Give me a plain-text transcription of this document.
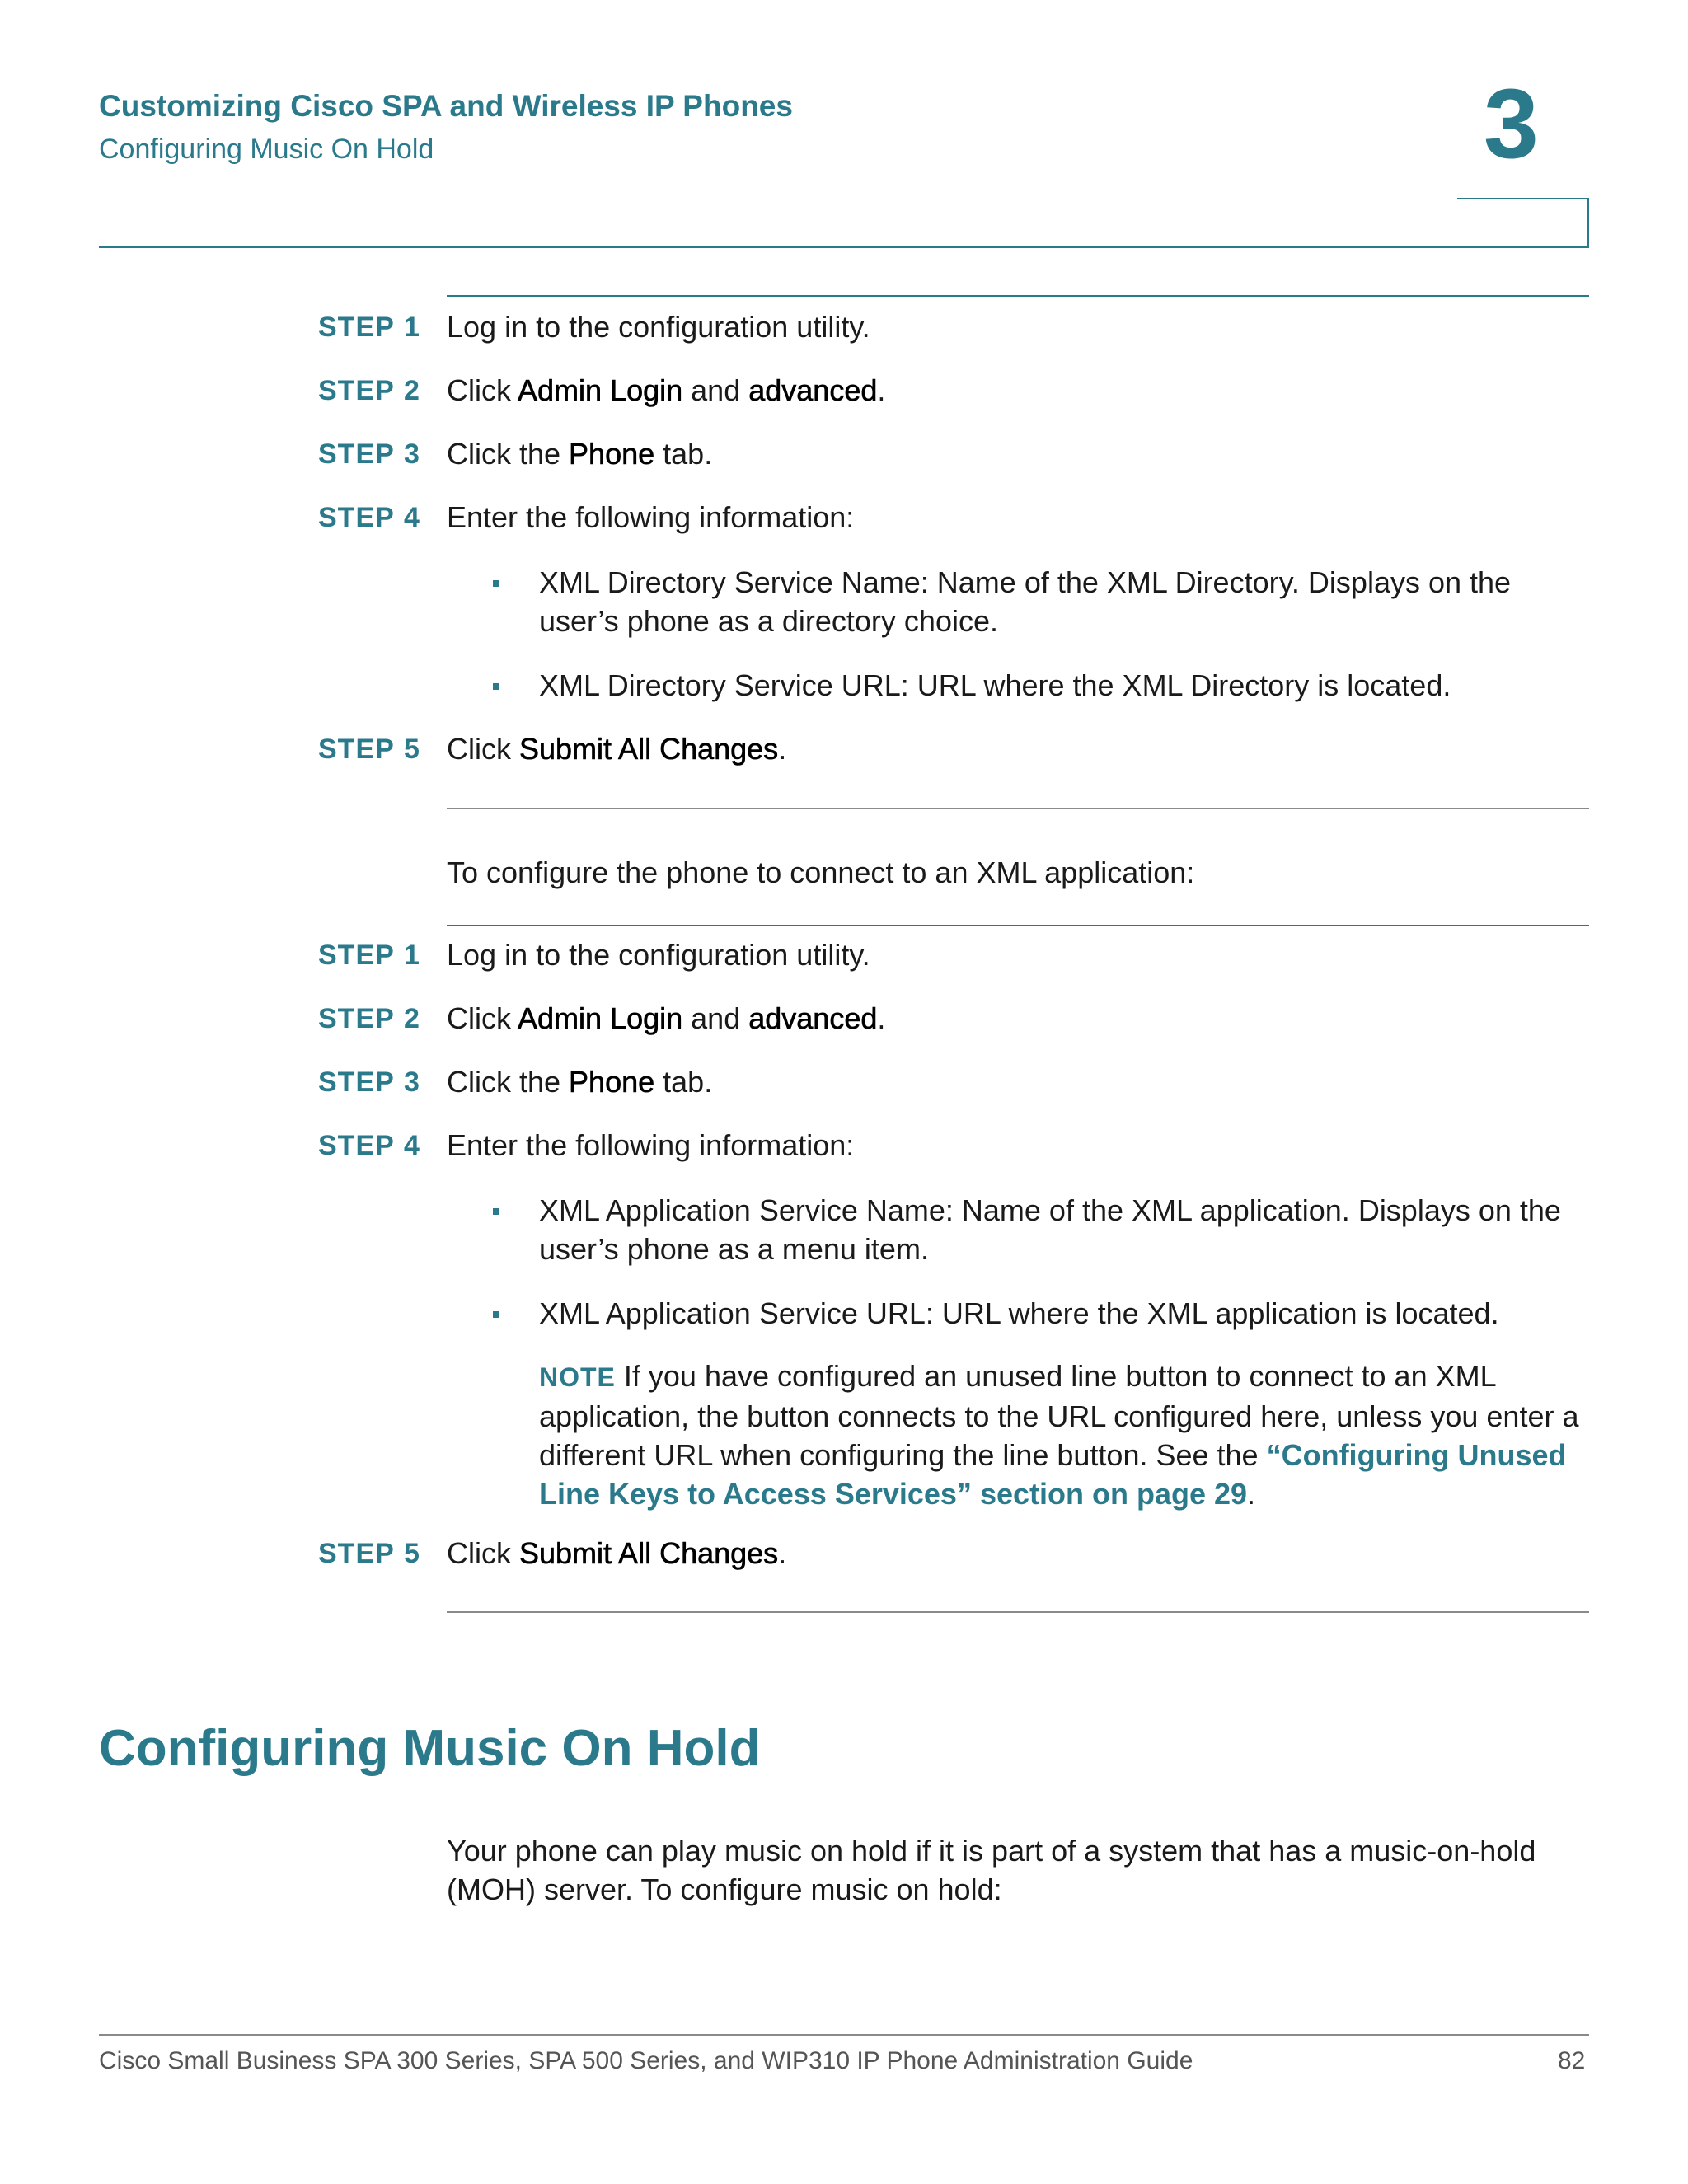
Customizing Cisco SPA and Wireless IP Phones
Configuring Music On Hold	3
STEP 1 Log in to the configuration utility.
STEP 2 Click Admin Login and advanced.
STEP 3 Click the Phone tab.
STEP 4 Enter the following information:
XML Directory Service Name: Name of the XML Directory. Displays on the user’s phone as a directory choice.
XML Directory Service URL: URL where the XML Directory is located.
STEP 5 Click Submit All Changes.
To configure the phone to connect to an XML application:
STEP 1 Log in to the configuration utility.
STEP 2 Click Admin Login and advanced.
STEP 3 Click the Phone tab.
STEP 4 Enter the following information:
XML Application Service Name: Name of the XML application. Displays on the user’s phone as a menu item.
XML Application Service URL: URL where the XML application is located.
NOTE If you have configured an unused line button to connect to an XML application, the button connects to the URL configured here, unless you enter a different URL when configuring the line button. See the “Configuring Unused Line Keys to Access Services” section on page 29.
STEP 5 Click Submit All Changes.
Configuring Music On Hold
Your phone can play music on hold if it is part of a system that has a music-on-hold (MOH) server. To configure music on hold:
Cisco Small Business SPA 300 Series, SPA 500 Series, and WIP310 IP Phone Administration Guide	82
